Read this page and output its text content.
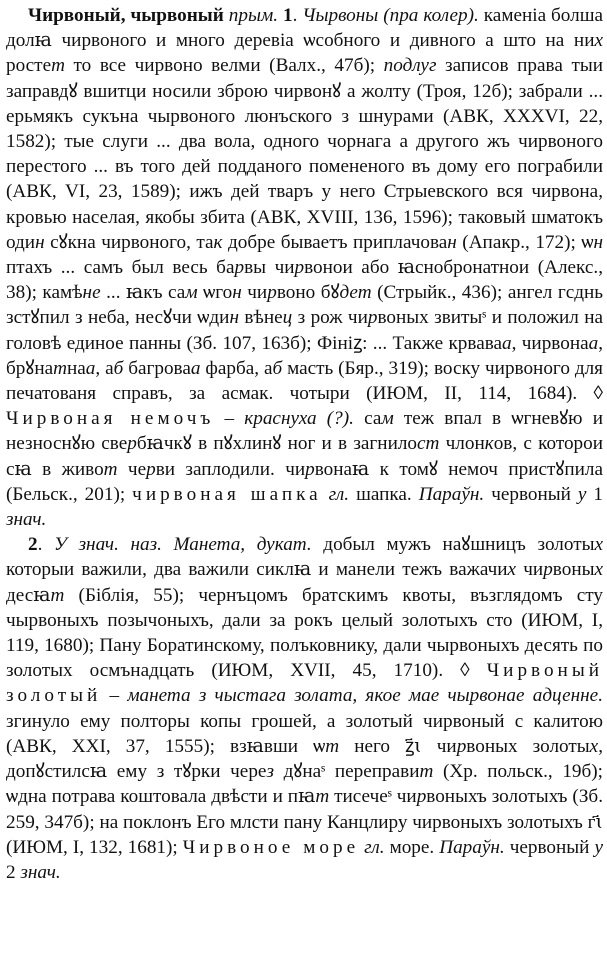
Чирвоный, чырвоный прым. 1. Чырвоны (пра колер). каменіа болша долꙗ чирвоного и много деревіа ѡсобного и дивного а што на них ростет то все чирвоно велми (Валх., 47б); подлуг записов права тыи заправдꙋ вшитци носили зброю чирвонꙋ а жолту (Троя, 12б); забрали ... ерьмякъ сукъна чырвоного люнъского з шнурами (АВК, XXXVI, 22, 1582); тые слуги ... два вола, одного чорнага а другого жъ чирвоного перестого ... въ того дей подданого помененого въ дому его пограбили (АВК, VI, 23, 1589); ижъ дей тваръ у него Стрыевского вся чирвона, кровью населая, якобы збита (АВК, XVIII, 136, 1596); таковый шматокъ один сꙋкна чирвоного, так добре бываетъ приплачован (Апакр., 172); ѡн птахъ ... самъ был весь барвы чирвонои або ꙗснобронатнои (Алекс., 38); камѣне ... ꙗкъ сам ѡгон чирвоно бꙋдет (Стрыйк., 436); ангел гсднь зстꙋпил з неба, несꙋчи ѡдин вѣнец з рож чирвоных звитыˢ и положил на головѣ единое панны (Зб. 107, 163б); Фініꙁ: ... Также крваваа, чирвонаа, брꙋнатнаа, аб багроваа фарба, аб масть (Бяр., 319); воску чирвоного для печатованя справъ, за асмак. чотыри (ИЮМ, II, 114, 1684). ◊ Чирвоная немочъ – краснуха (?). сам теж впал в ѡгневꙋю и незноснꙋю свербꙗчкꙋ в пꙋхлинꙋ ног и в загнилост члонков, с которои сꙗ в живот черви заплодили. чирвонаꙗ к томꙋ немоч пристꙋпила (Бельск., 201); чирвоная шапка гл. шапка. Параўн. червоный у 1 знач.

2. У знач. наз. Манета, дукат. добыл мужъ наꙋшницъ золотых которыи важили, два важили сиклꙗ и манели тежъ важачих чирвоных десꙗт (Біблія, 55); чернъцомъ братскимъ квоты, възглядомъ сту чырвоныхъ позычоныхъ, дали за рокъ целый золотыхъ сто (ИЮМ, I, 119, 1680); Пану Боратинскому, полъковнику, дали чырвоныхъ десять по золотых осмънадцать (ИЮМ, XVII, 45, 1710). ◊ Чирвоный золотый – манета з чыстага золата, якое мае чырвонае адценне. згинуло ему полторы копы грошей, а золотый чирвоный с калитою (АВК, XXI, 37, 1555); взꙗвши ѡт него ꙁ҃ꙇ чирвоных золотых, допꙋстилсꙗ ему з тꙋрки через дꙋнаˢ переправит (Хр. польск., 19б); ѡдна потрава коштовала двѣсти и пꙗт тисечеˢ чирвоныхъ золотыхъ (Зб. 259, 347б); на поклонъ Его млсти пану Канцлиру чирвоныхъ золотыхъ г҃ꙇ (ИЮМ, I, 132, 1681); Чирвоное море гл. море. Параўн. червоный у 2 знач.
